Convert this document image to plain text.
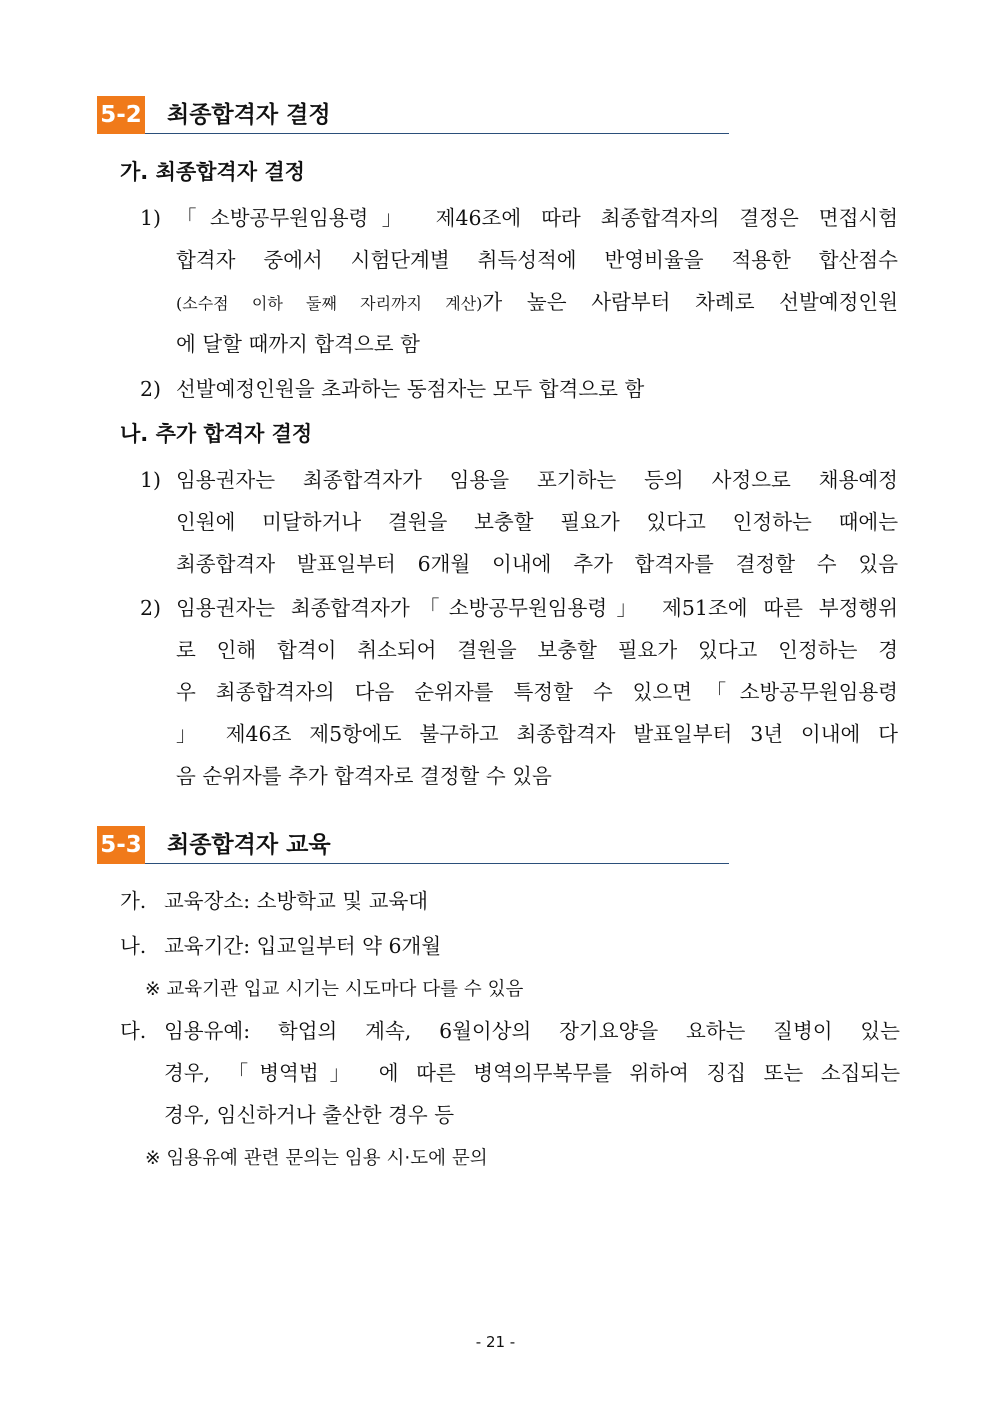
5-2 최종합격자 결정
가. 최종합격자 결정
1) 「소방공무원임용령」 제46조에 따라 최종합격자의 결정은 면접시험
합격자 중에서 시험단계별 취득성적에 반영비율을 적용한 합산점수
(소수점 이하 둘째 자리까지 계산)가 높은 사람부터 차례로 선발예정인원
에 달할 때까지 합격으로 함
2) 선발예정인원을 초과하는 동점자는 모두 합격으로 함
나. 추가 합격자 결정
1) 임용권자는 최종합격자가 임용을 포기하는 등의 사정으로 채용예정
인원에 미달하거나 결원을 보충할 필요가 있다고 인정하는 때에는
최종합격자 발표일부터 6개월 이내에 추가 합격자를 결정할 수 있음
2) 임용권자는 최종합격자가「소방공무원임용령」 제51조에 따른 부정행위
로 인해 합격이 취소되어 결원을 보충할 필요가 있다고 인정하는 경
우 최종합격자의 다음 순위자를 특정할 수 있으면「소방공무원임용령
」 제46조 제5항에도 불구하고 최종합격자 발표일부터 3년 이내에 다
음 순위자를 추가 합격자로 결정할 수 있음
5-3 최종합격자 교육
가. 교육장소: 소방학교 및 교육대
나. 교육기간: 입교일부터 약 6개월
※ 교육기관 입교 시기는 시도마다 다를 수 있음
다. 임용유예: 학업의 계속, 6월이상의 장기요양을 요하는 질병이 있는
경우, 「병역법」 에 따른 병역의무복무를 위하여 징집 또는 소집되는
경우, 임신하거나 출산한 경우 등
※ 임용유예 관련 문의는 임용 시·도에 문의
- 21 -
